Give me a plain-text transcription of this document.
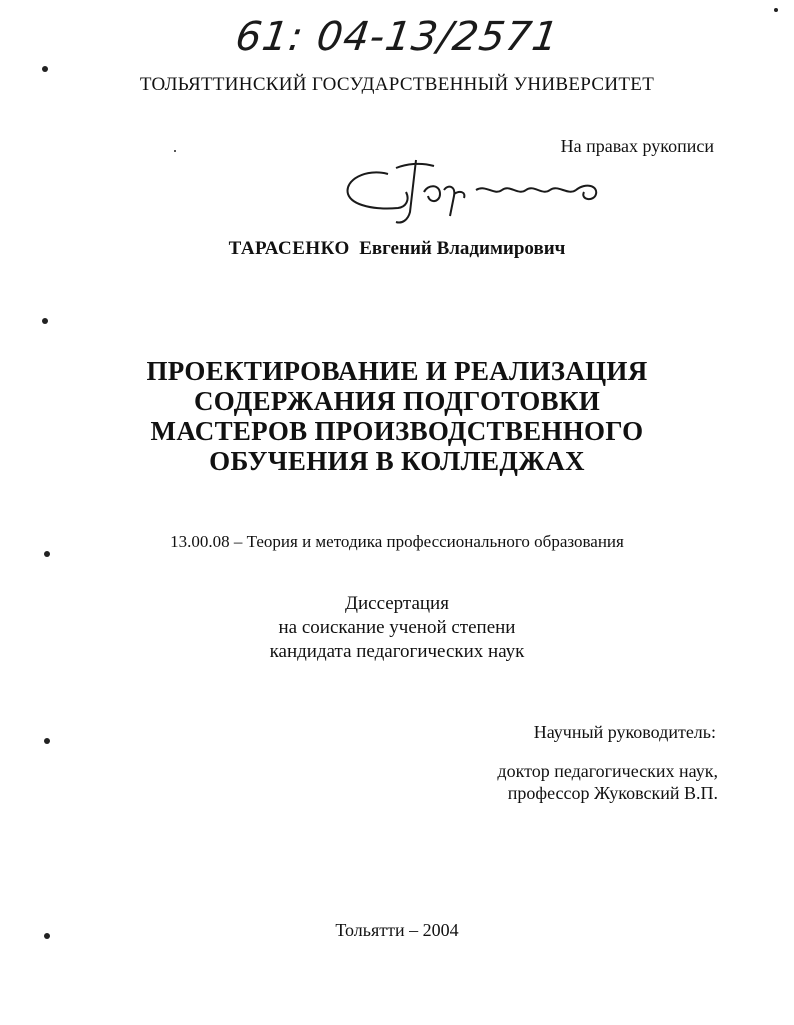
61: 04-13/2571
ТОЛЬЯТТИНСКИЙ ГОСУДАРСТВЕННЫЙ УНИВЕРСИТЕТ
На правах рукописи
ТАРАСЕНКО Евгений Владимирович
ПРОЕКТИРОВАНИЕ И РЕАЛИЗАЦИЯ
СОДЕРЖАНИЯ ПОДГОТОВКИ
МАСТЕРОВ ПРОИЗВОДСТВЕННОГО
ОБУЧЕНИЯ В КОЛЛЕДЖАХ
13.00.08 – Теория и методика профессионального образования
Диссертация
на соискание ученой степени
кандидата педагогических наук
Научный руководитель:
доктор педагогических наук,
профессор Жуковский В.П.
Тольятти – 2004
